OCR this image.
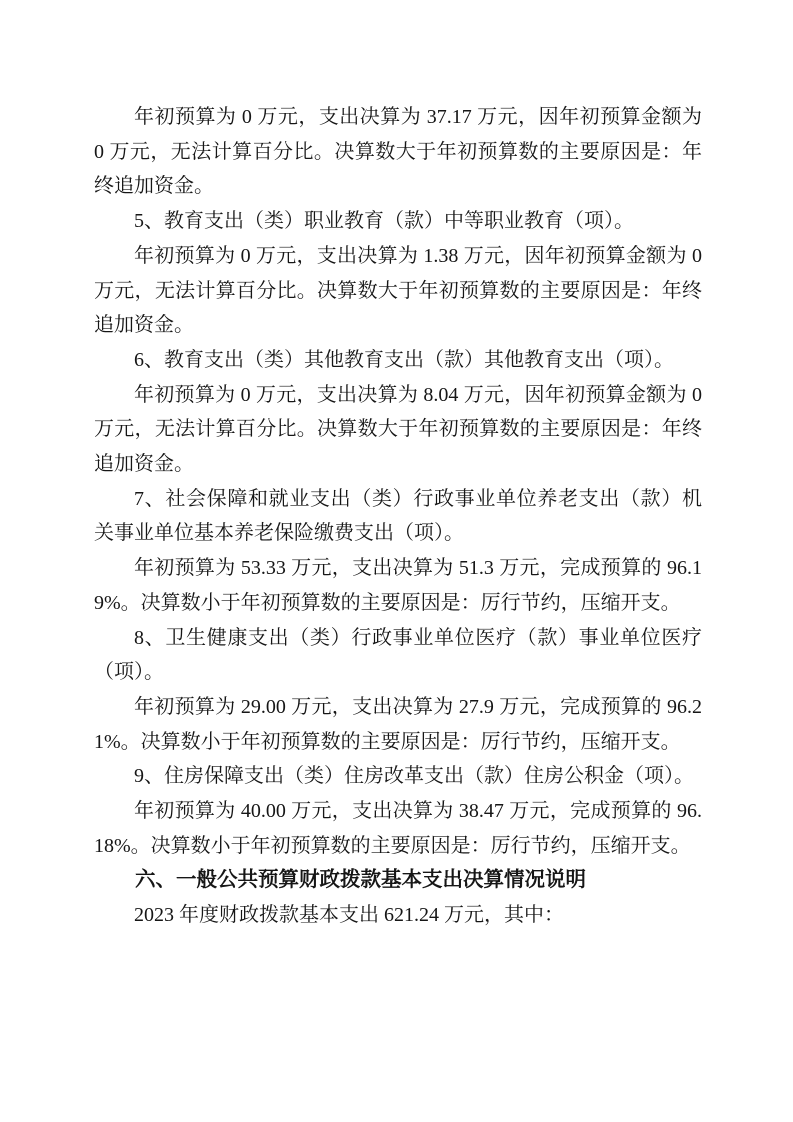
年初预算为 0 万元，支出决算为 37.17 万元，因年初预算金额为 0 万元，无法计算百分比。决算数大于年初预算数的主要原因是：年终追加资金。

5、教育支出（类）职业教育（款）中等职业教育（项）。

年初预算为 0 万元，支出决算为 1.38 万元，因年初预算金额为 0 万元，无法计算百分比。决算数大于年初预算数的主要原因是：年终追加资金。

6、教育支出（类）其他教育支出（款）其他教育支出（项）。

年初预算为 0 万元，支出决算为 8.04 万元，因年初预算金额为 0 万元，无法计算百分比。决算数大于年初预算数的主要原因是：年终追加资金。

7、社会保障和就业支出（类）行政事业单位养老支出（款）机关事业单位基本养老保险缴费支出（项）。

年初预算为 53.33 万元，支出决算为 51.3 万元，完成预算的 96.19%。决算数小于年初预算数的主要原因是：厉行节约，压缩开支。

8、卫生健康支出（类）行政事业单位医疗（款）事业单位医疗（项）。

年初预算为 29.00 万元，支出决算为 27.9 万元，完成预算的 96.21%。决算数小于年初预算数的主要原因是：厉行节约，压缩开支。

9、住房保障支出（类）住房改革支出（款）住房公积金（项）。

年初预算为 40.00 万元，支出决算为 38.47 万元，完成预算的 96.18%。决算数小于年初预算数的主要原因是：厉行节约，压缩开支。

六、一般公共预算财政拨款基本支出决算情况说明

2023 年度财政拨款基本支出 621.24 万元，其中：
